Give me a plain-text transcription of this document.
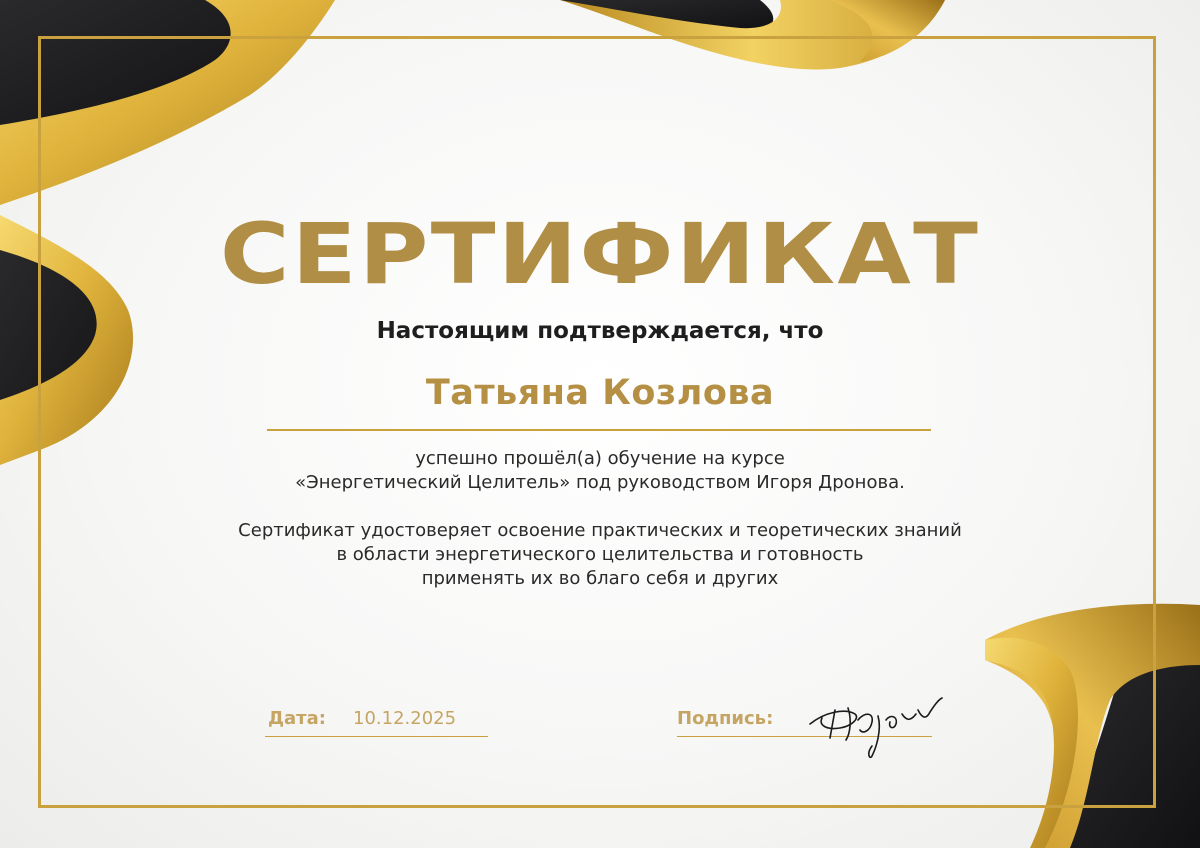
СЕРТИФИКАТ
Настоящим подтверждается, что
Татьяна Козлова
успешно прошёл(а) обучение на курсе
«Энергетический Целитель» под руководством Игоря Дронова.
Сертификат удостоверяет освоение практических и теоретических знаний
в области энергетического целительства и готовность
применять их во благо себя и других
Дата: 10.12.2025	Подпись:
